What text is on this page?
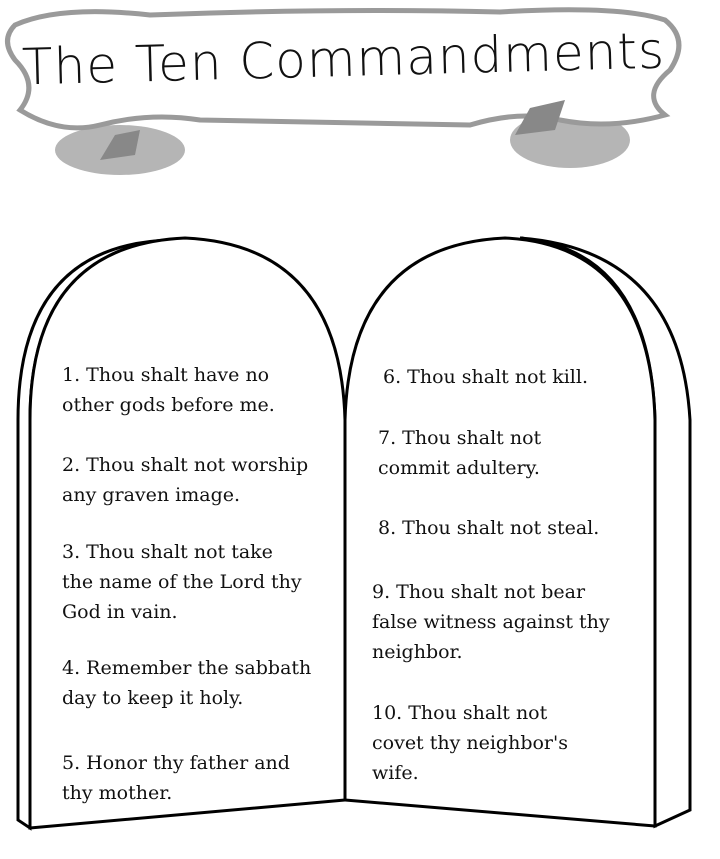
The Ten Commandments
1. Thou shalt have no
other gods before me.
2. Thou shalt not worship
any graven image.
3. Thou shalt not take
the name of the Lord thy
God in vain.
4. Remember the sabbath
day to keep it holy.
5. Honor thy father and
thy mother.
6. Thou shalt not kill.
7. Thou shalt not
commit adultery.
8. Thou shalt not steal.
9. Thou shalt not bear
false witness against thy
neighbor.
10. Thou shalt not
covet thy neighbor's
wife.
